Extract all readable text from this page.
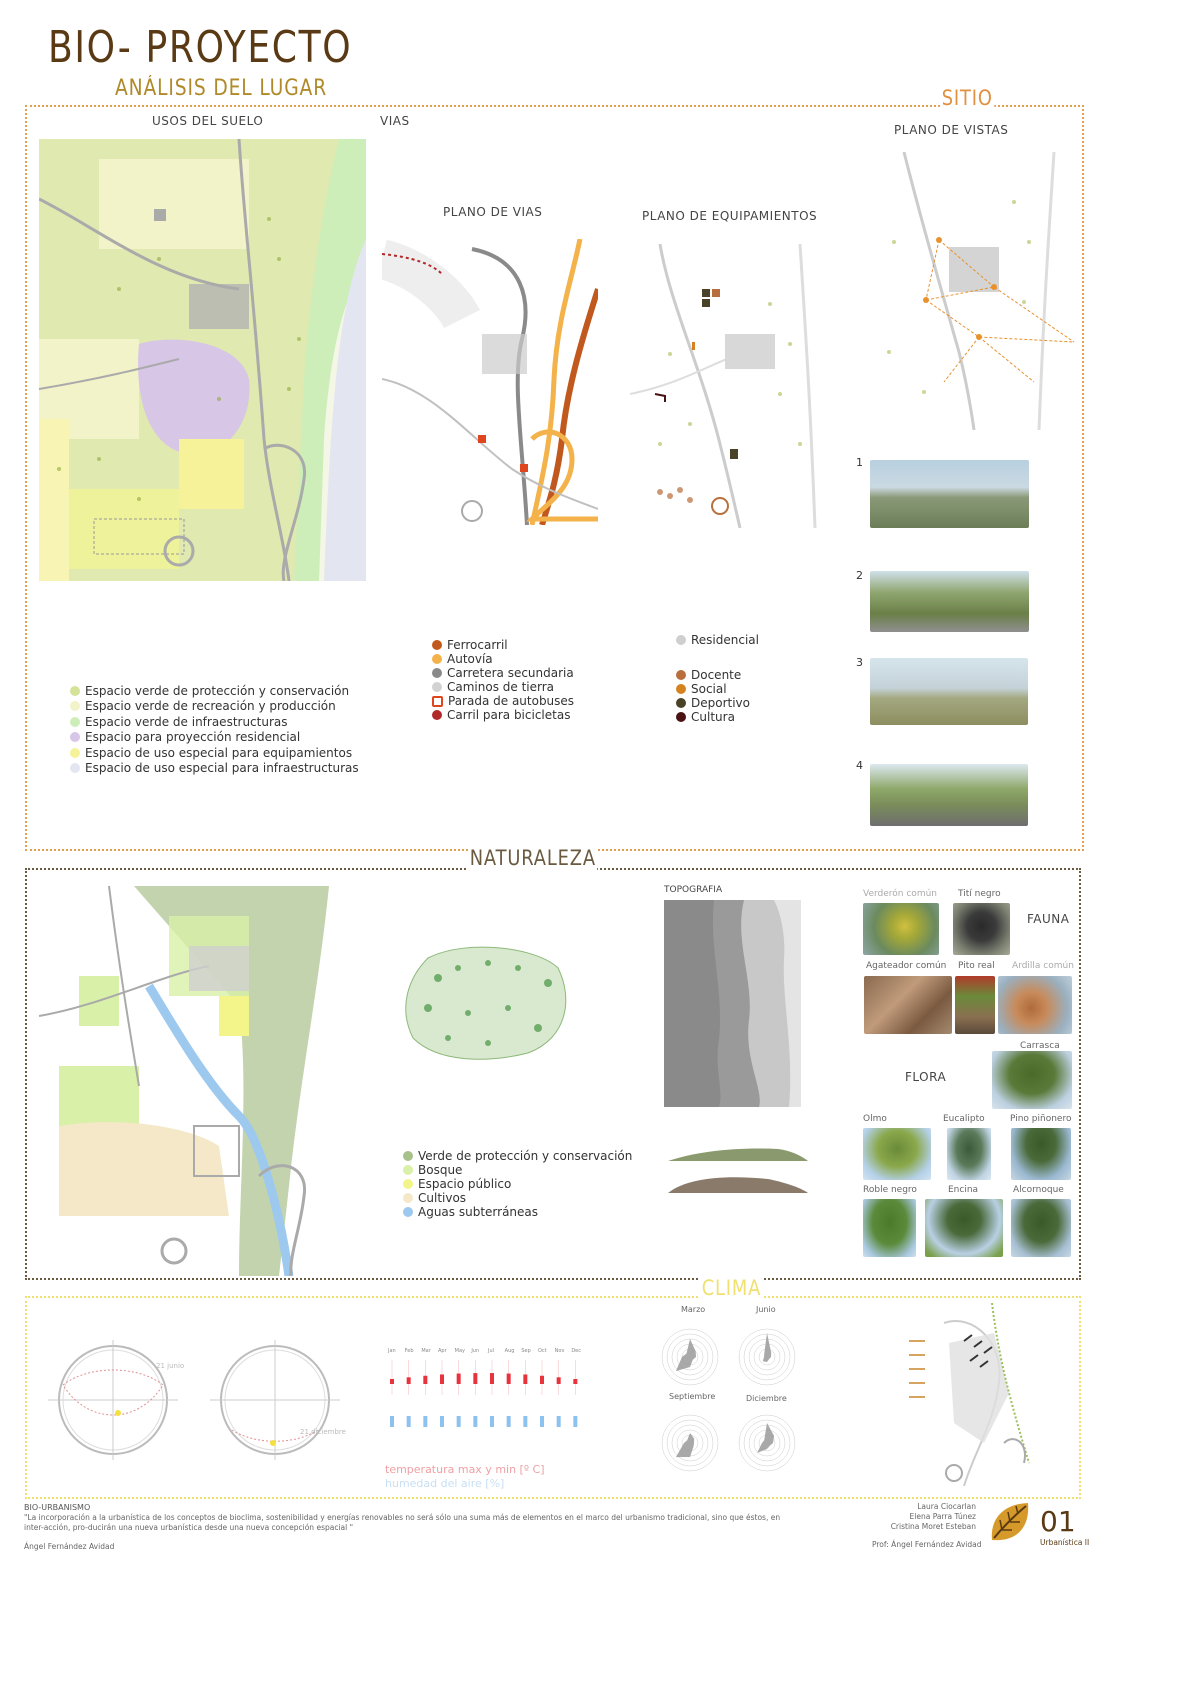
BIO- PROYECTO
ANÁLISIS DEL LUGAR	SITIO
USOS DEL SUELO	VIAS
PLANO DE VIAS	PLANO DE EQUIPAMIENTOS
PLANO DE VISTAS
1
2
3
4
Espacio verde de protección y conservación
Espacio verde de recreación y producción
Espacio verde de infraestructuras
Espacio para proyección residencial
Espacio de uso especial para equipamientos
Espacio de uso especial para infraestructuras
Ferrocarril
Autovía
Carretera secundaria
Caminos de tierra
Parada de autobuses
Carril para bicicletas
Residencial
Docente
Social
Deportivo
Cultura
NATURALEZA
TOPOGRAFIA
Verde de protección y conservación
Bosque
Espacio público
Cultivos
Aguas subterráneas
FAUNA
Verderón común Tití negro
Agateador común Pito real Ardilla común
FLORA
Carrasca
Olmo	Eucalipto	Pino piñonero
Roble negro	Encina	Alcornoque
CLIMA
21 junio
21 diciembre
Jan Feb Mar Apr May Jun Jul Aug Sep Oct Nov Dec
temperatura max y min [º C]
humedad del aire [%]
Marzo	Junio
Septiembre	Diciembre
BIO-URBANISMO
"La incorporación a la urbanística de los conceptos de bioclima, sostenibilidad y energías renovables no será sólo una suma más de elementos en el marco del urbanismo tradicional, sino que éstos, en inter-acción, pro-ducirán una nueva urbanística desde una nueva concepción espacial "
Ángel Fernández Avidad
Laura Ciocarlan
Elena Parra Túnez
Cristina Moret Esteban
Prof: Ángel Fernández Avidad
01
Urbanística II
